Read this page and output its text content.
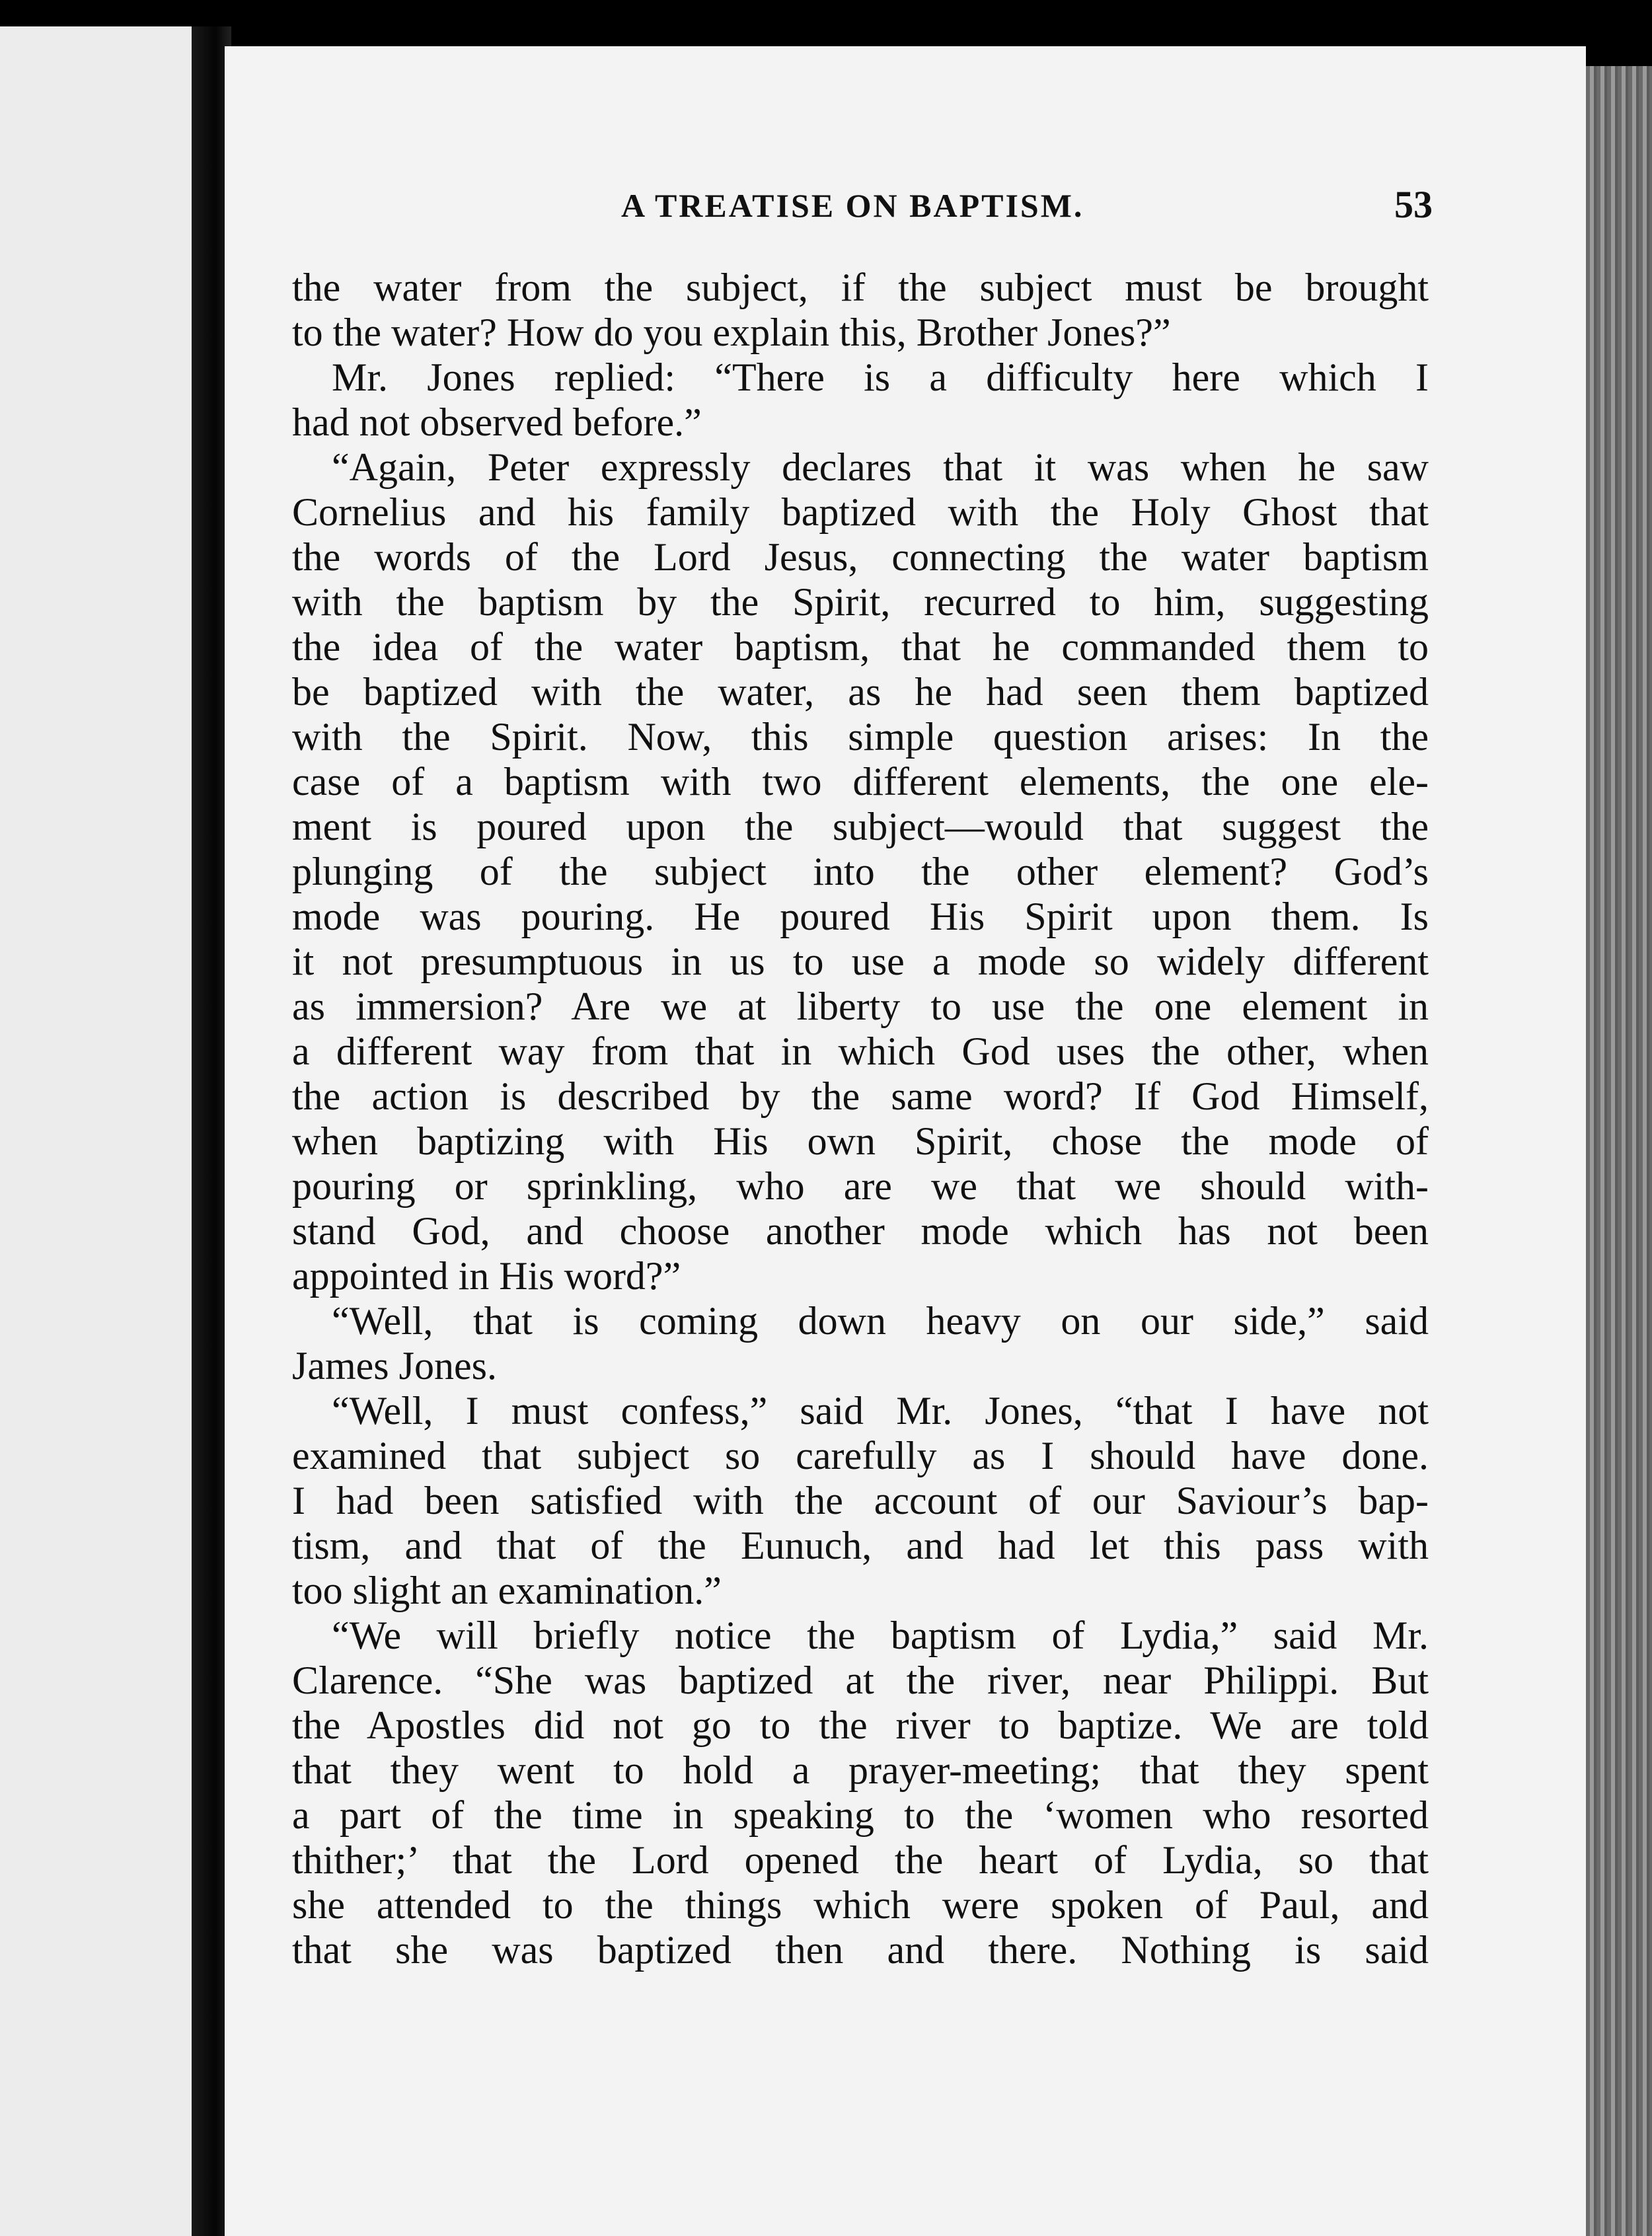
A TREATISE ON BAPTISM.	53
the water from the subject, if the subject must be brought
to the water? How do you explain this, Brother Jones?”
Mr. Jones replied: “There is a difficulty here which I
had not observed before.”
“Again, Peter expressly declares that it was when he saw
Cornelius and his family baptized with the Holy Ghost that
the words of the Lord Jesus, connecting the water baptism
with the baptism by the Spirit, recurred to him, suggesting
the idea of the water baptism, that he commanded them to
be baptized with the water, as he had seen them baptized
with the Spirit. Now, this simple question arises: In the
case of a baptism with two different elements, the one ele-
ment is poured upon the subject—would that suggest the
plunging of the subject into the other element? God’s
mode was pouring. He poured His Spirit upon them. Is
it not presumptuous in us to use a mode so widely different
as immersion? Are we at liberty to use the one element in
a different way from that in which God uses the other, when
the action is described by the same word? If God Himself,
when baptizing with His own Spirit, chose the mode of
pouring or sprinkling, who are we that we should with-
stand God, and choose another mode which has not been
appointed in His word?”
“Well, that is coming down heavy on our side,” said
James Jones.
“Well, I must confess,” said Mr. Jones, “that I have not
examined that subject so carefully as I should have done.
I had been satisfied with the account of our Saviour’s bap-
tism, and that of the Eunuch, and had let this pass with
too slight an examination.”
“We will briefly notice the baptism of Lydia,” said Mr.
Clarence. “She was baptized at the river, near Philippi. But
the Apostles did not go to the river to baptize. We are told
that they went to hold a prayer-meeting; that they spent
a part of the time in speaking to the ‘women who resorted
thither;’ that the Lord opened the heart of Lydia, so that
she attended to the things which were spoken of Paul, and
that she was baptized then and there. Nothing is said
